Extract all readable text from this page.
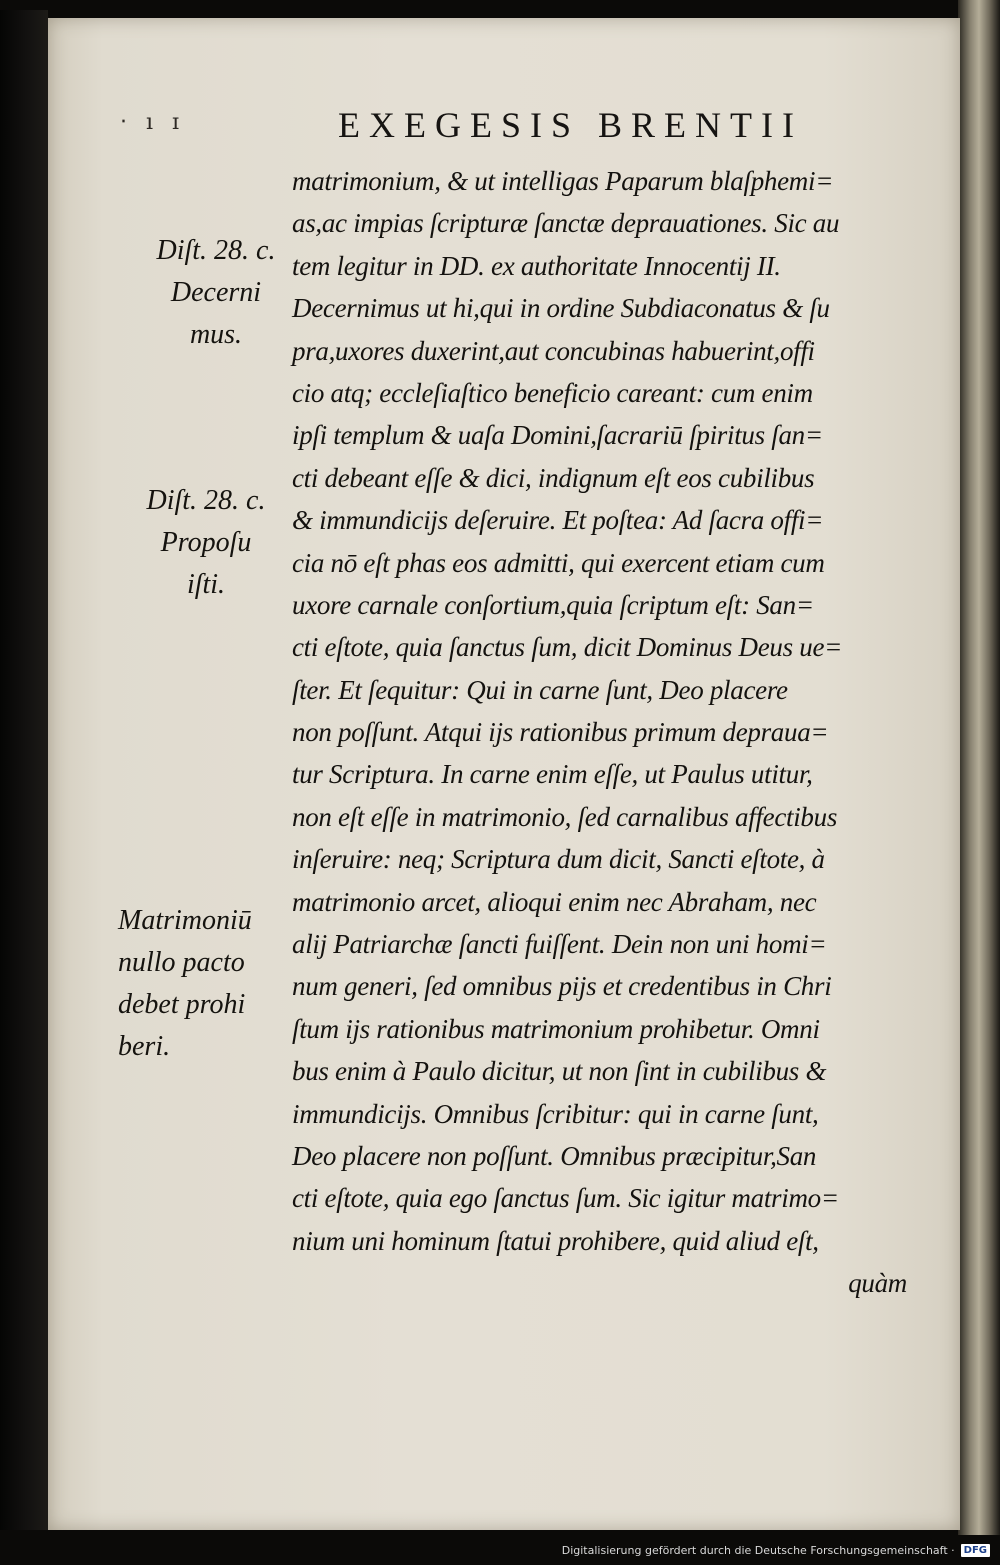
‧ ı ɪ	EXEGESIS BRENTII
matrimonium, & ut intelligas Paparum blaſphemi=
as,ac impias ſcripturæ ſanctæ deprauationes. Sic au
tem legitur in DD. ex authoritate Innocentij II.
Decernimus ut hi,qui in ordine Subdiaconatus & ſu
pra,uxores duxerint,aut concubinas habuerint,offi
cio atq; eccleſiaſtico beneficio careant: cum enim
ipſi templum & uaſa Domini,ſacrariū ſpiritus ſan=
cti debeant eſſe & dici, indignum eſt eos cubilibus
& immundicijs deſeruire. Et poſtea: Ad ſacra offi=
cia nō eſt phas eos admitti, qui exercent etiam cum
uxore carnale conſortium,quia ſcriptum eſt: San=
cti eſtote, quia ſanctus ſum, dicit Dominus Deus ue=
ſter. Et ſequitur: Qui in carne ſunt, Deo placere
non poſſunt. Atqui ijs rationibus primum deprauа=
tur Scriptura. In carne enim eſſe, ut Paulus utitur,
non eſt eſſe in matrimonio, ſed carnalibus affectibus
inſeruire: neq; Scriptura dum dicit, Sancti eſtote, à
matrimonio arcet, alioqui enim nec Abraham, nec
alij Patriarchæ ſancti fuiſſent. Dein non uni homi=
num generi, ſed omnibus pijs et credentibus in Chri
ſtum ijs rationibus matrimonium prohibetur. Omni
bus enim à Paulo dicitur, ut non ſint in cubilibus &
immundicijs. Omnibus ſcribitur: qui in carne ſunt,
Deo placere non poſſunt. Omnibus præcipitur,San
cti eſtote, quia ego ſanctus ſum. Sic igitur matrimo=
nium uni hominum ſtatui prohibere, quid aliud eſt,
quàm
Diſt. 28. c.
Decerni
mus.
Diſt. 28. c.
Propoſu
iſti.
Matrimoniū
nullo pacto
debet prohi
beri.
Digitalisierung gefördert durch die Deutsche Forschungsgemeinschaft · DFG
